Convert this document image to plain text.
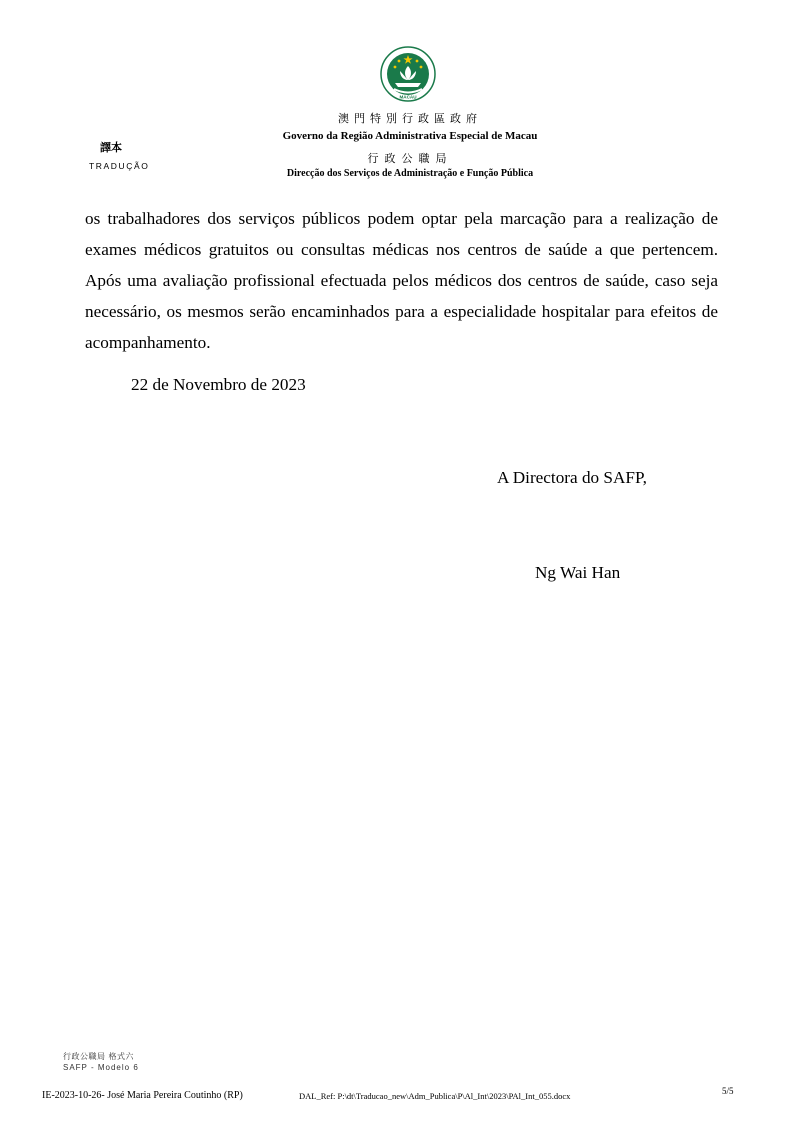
MACAU
澳門特別行政區政府
Governo da Região Administrativa Especial de Macau
行政公職局
Direcção dos Serviços de Administração e Função Pública
譯本
TRADUÇÃO

os trabalhadores dos serviços públicos podem optar pela marcação para a realização de exames médicos gratuitos ou consultas médicas nos centros de saúde a que pertencem. Após uma avaliação profissional efectuada pelos médicos dos centros de saúde, caso seja necessário, os mesmos serão encaminhados para a especialidade hospitalar para efeitos de acompanhamento.

22 de Novembro de 2023
A Directora do SAFP,
Ng Wai Han
行政公職局 格式六
SAFP - Modelo 6
IE-2023-10-26- José Maria Pereira Coutinho (RP)	DAL_Ref: P:\dt\Traducao_new\Adm_Publica\P\Al_Int\2023\PAl_Int_055.docx	5/5
